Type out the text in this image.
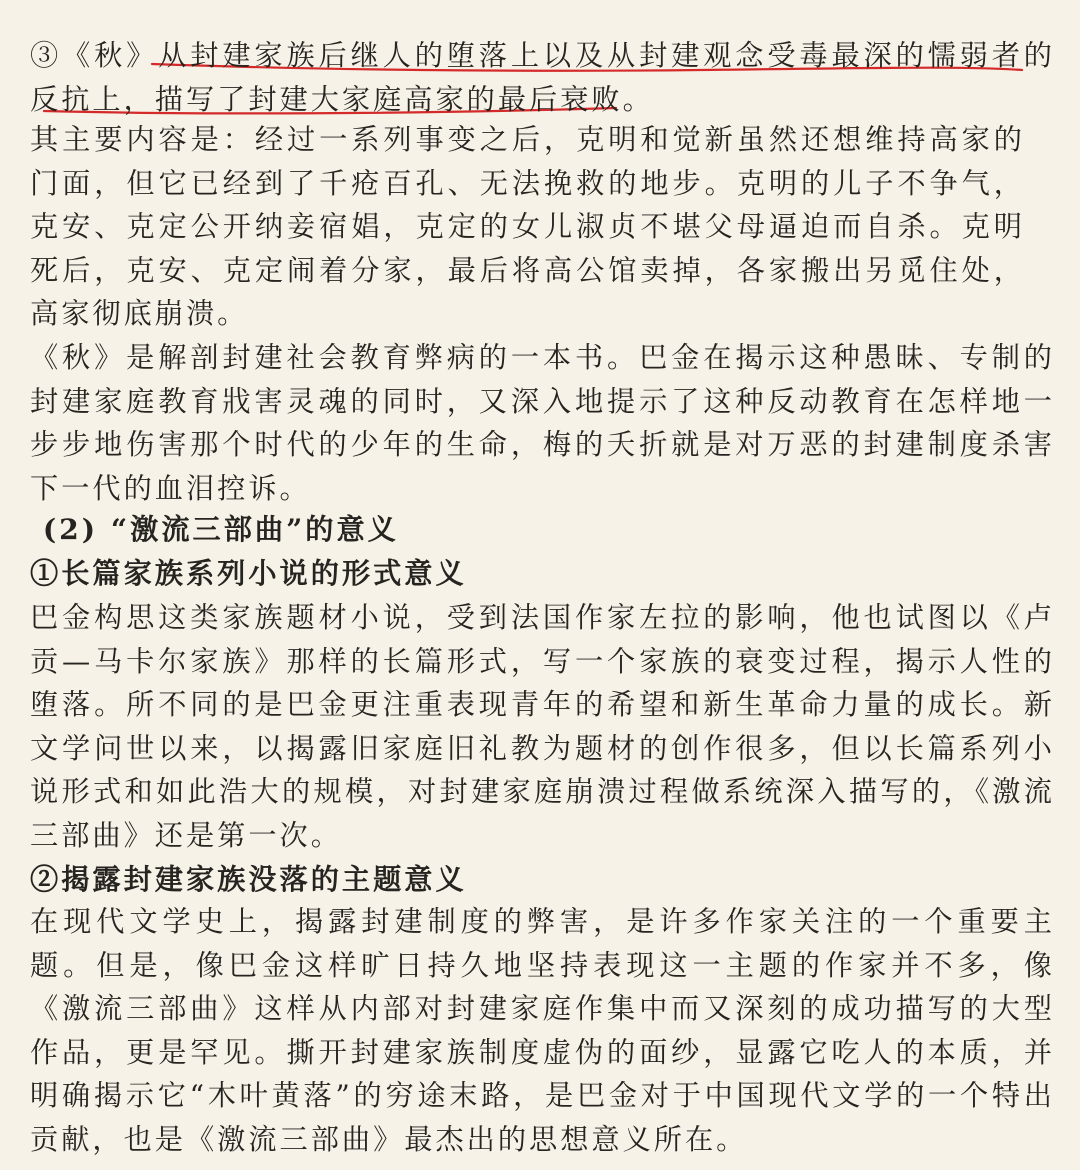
③《秋》从封建家族后继人的堕落上以及从封建观念受毒最深的懦弱者的反抗上，描写了封建大家庭高家的最后衰败。

其主要内容是：经过一系列事变之后，克明和觉新虽然还想维持高家的门面，但它已经到了千疮百孔、无法挽救的地步。克明的儿子不争气，克安、克定公开纳妾宿娼，克定的女儿淑贞不堪父母逼迫而自杀。克明死后，克安、克定闹着分家，最后将高公馆卖掉，各家搬出另觅住处，高家彻底崩溃。

《秋》是解剖封建社会教育弊病的一本书。巴金在揭示这种愚昧、专制的封建家庭教育戕害灵魂的同时，又深入地提示了这种反动教育在怎样地一步步地伤害那个时代的少年的生命，梅的夭折就是对万恶的封建制度杀害下一代的血泪控诉。

(2) “激流三部曲”的意义

①长篇家族系列小说的形式意义

巴金构思这类家族题材小说，受到法国作家左拉的影响，他也试图以《卢贡—马卡尔家族》那样的长篇形式，写一个家族的衰变过程，揭示人性的堕落。所不同的是巴金更注重表现青年的希望和新生革命力量的成长。新文学问世以来，以揭露旧家庭旧礼教为题材的创作很多，但以长篇系列小说形式和如此浩大的规模，对封建家庭崩溃过程做系统深入描写的，《激流三部曲》还是第一次。

②揭露封建家族没落的主题意义

在现代文学史上，揭露封建制度的弊害，是许多作家关注的一个重要主题。但是，像巴金这样旷日持久地坚持表现这一主题的作家并不多，像《激流三部曲》这样从内部对封建家庭作集中而又深刻的成功描写的大型作品，更是罕见。撕开封建家族制度虚伪的面纱，显露它吃人的本质，并明确揭示它“木叶黄落”的穷途末路，是巴金对于中国现代文学的一个特出贡献，也是《激流三部曲》最杰出的思想意义所在。
